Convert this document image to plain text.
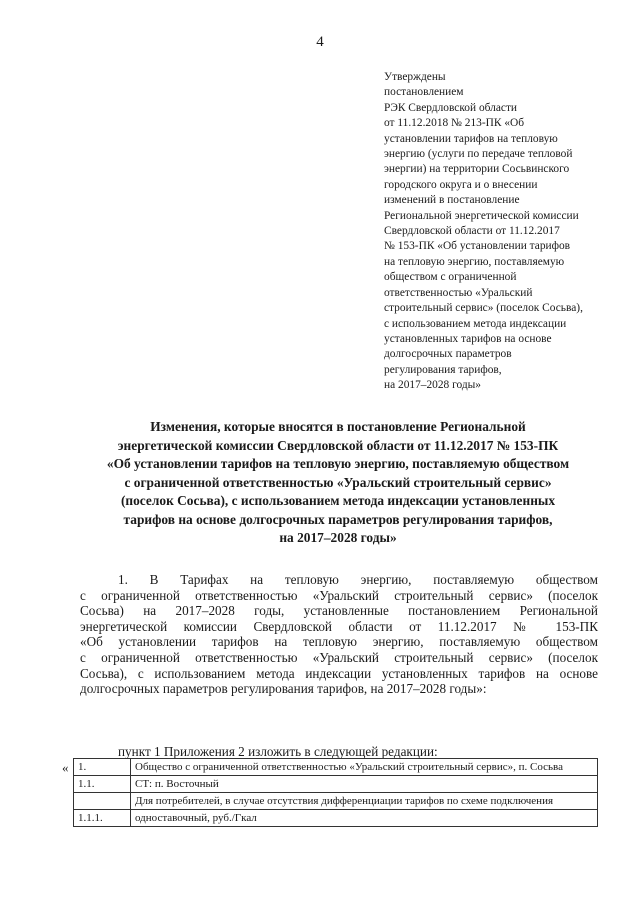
4
Утверждены
постановлением
РЭК Свердловской области
от 11.12.2018 № 213-ПК «Об
установлении тарифов на тепловую
энергию (услуги по передаче тепловой
энергии) на территории Сосьвинского
городского округа и о внесении
изменений в постановление
Региональной энергетической комиссии
Свердловской области от 11.12.2017
№ 153-ПК «Об установлении тарифов
на тепловую энергию, поставляемую
обществом с ограниченной
ответственностью «Уральский
строительный сервис» (поселок Сосьва),
с использованием метода индексации
установленных тарифов на основе
долгосрочных параметров
регулирования тарифов,
на 2017–2028 годы»
Изменения, которые вносятся в постановление Региональной
энергетической комиссии Свердловской области от 11.12.2017 № 153-ПК
«Об установлении тарифов на тепловую энергию, поставляемую обществом
с ограниченной ответственностью «Уральский строительный сервис»
(поселок Сосьва), с использованием метода индексации установленных
тарифов на основе долгосрочных параметров регулирования тарифов,
на 2017–2028 годы»
1. В Тарифах на тепловую энергию, поставляемую обществом
с ограниченной ответственностью «Уральский строительный сервис» (поселок
Сосьва) на 2017–2028 годы, установленные постановлением Региональной
энергетической комиссии Свердловской области от 11.12.2017 № 153-ПК
«Об установлении тарифов на тепловую энергию, поставляемую обществом
с ограниченной ответственностью «Уральский строительный сервис» (поселок
Сосьва), с использованием метода индексации установленных тарифов на основе
долгосрочных параметров регулирования тарифов, на 2017–2028 годы»:
пункт 1 Приложения 2 изложить в следующей редакции:
« 1.	Общество с ограниченной ответственностью «Уральский строительный сервис», п. Сосьва
1.1.	СТ: п. Восточный
	Для потребителей, в случае отсутствия дифференциации тарифов по схеме подключения
1.1.1.	одноставочный, руб./Гкал
